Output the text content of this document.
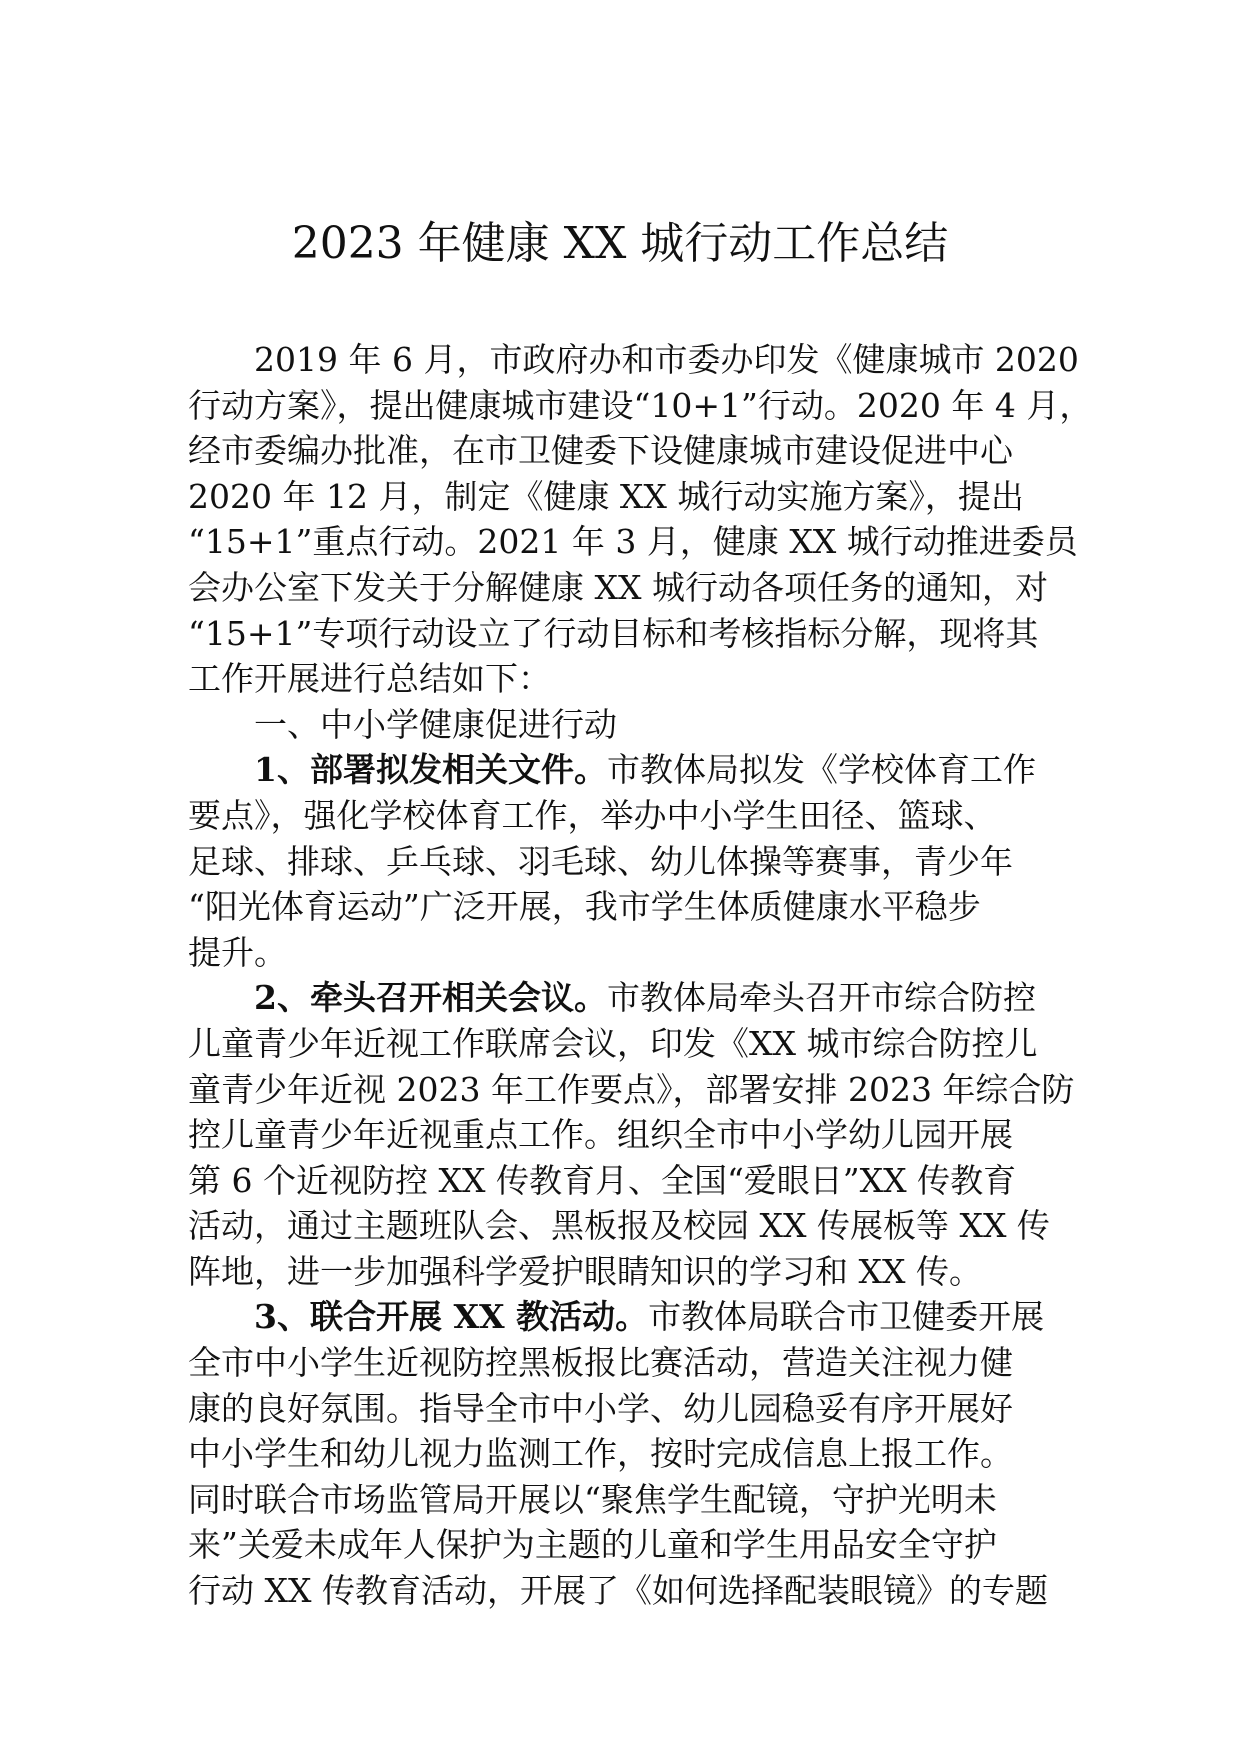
2023 年健康 XX 城行动工作总结
2019 年 6 月，市政府办和市委办印发《健康城市 2020
行动方案》，提出健康城市建设“10+1”行动。2020 年 4 月，
经市委编办批准，在市卫健委下设健康城市建设促进中心
2020 年 12 月，制定《健康 XX 城行动实施方案》，提出
“15+1”重点行动。2021 年 3 月，健康 XX 城行动推进委员
会办公室下发关于分解健康 XX 城行动各项任务的通知，对
“15+1”专项行动设立了行动目标和考核指标分解，现将其
工作开展进行总结如下：
一、中小学健康促进行动
1、部署拟发相关文件。市教体局拟发《学校体育工作
要点》，强化学校体育工作，举办中小学生田径、篮球、
足球、排球、乒乓球、羽毛球、幼儿体操等赛事，青少年
“阳光体育运动”广泛开展，我市学生体质健康水平稳步
提升。
2、牵头召开相关会议。市教体局牵头召开市综合防控
儿童青少年近视工作联席会议，印发《XX 城市综合防控儿
童青少年近视 2023 年工作要点》，部署安排 2023 年综合防
控儿童青少年近视重点工作。组织全市中小学幼儿园开展
第 6 个近视防控 XX 传教育月、全国“爱眼日”XX 传教育
活动，通过主题班队会、黑板报及校园 XX 传展板等 XX 传
阵地，进一步加强科学爱护眼睛知识的学习和 XX 传。
3、联合开展 XX 教活动。市教体局联合市卫健委开展
全市中小学生近视防控黑板报比赛活动，营造关注视力健
康的良好氛围。指导全市中小学、幼儿园稳妥有序开展好
中小学生和幼儿视力监测工作，按时完成信息上报工作。
同时联合市场监管局开展以“聚焦学生配镜，守护光明未
来”关爱未成年人保护为主题的儿童和学生用品安全守护
行动 XX 传教育活动，开展了《如何选择配装眼镜》的专题
